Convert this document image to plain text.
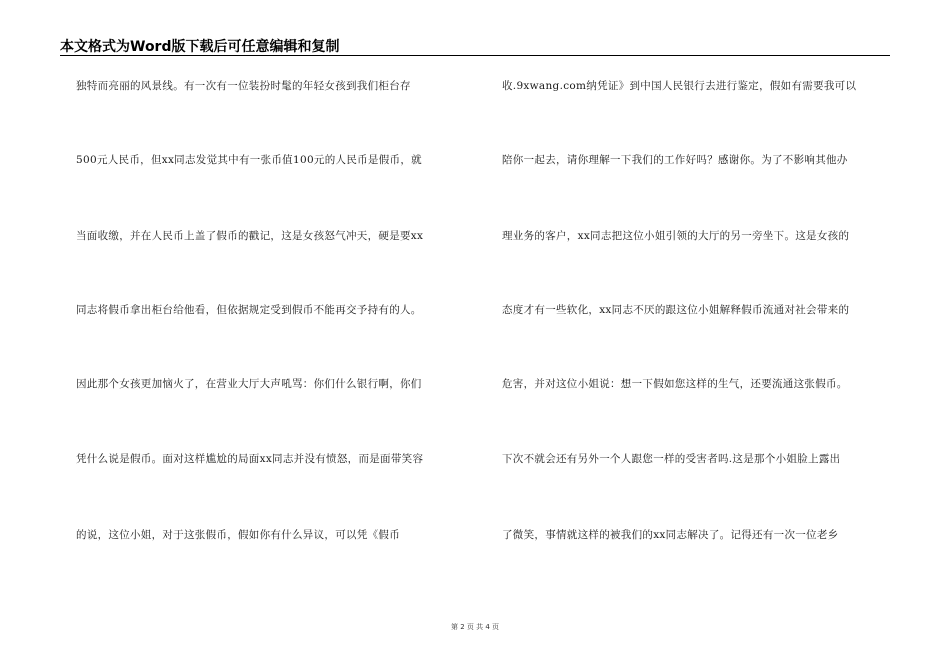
本文格式为Word版下载后可任意编辑和复制
独特而亮丽的风景线。有一次有一位装扮时髦的年轻女孩到我们柜台存
500元人民币，但xx同志发觉其中有一张币值100元的人民币是假币，就
当面收缴，并在人民币上盖了假币的戳记，这是女孩怒气冲天，硬是要xx
同志将假币拿出柜台给他看，但依据规定受到假币不能再交予持有的人。
因此那个女孩更加恼火了，在营业大厅大声吼骂：你们什么银行啊，你们
凭什么说是假币。面对这样尴尬的局面xx同志并没有愤怒，而是面带笑容
的说，这位小姐，对于这张假币，假如你有什么异议，可以凭《假币
收.9xwang.com纳凭证》到中国人民银行去进行鉴定，假如有需要我可以
陪你一起去，请你理解一下我们的工作好吗？感谢你。为了不影响其他办
理业务的客户，xx同志把这位小姐引领的大厅的另一旁坐下。这是女孩的
态度才有一些软化，xx同志不厌的跟这位小姐解释假币流通对社会带来的
危害，并对这位小姐说：想一下假如您这样的生气，还要流通这张假币。
下次不就会还有另外一个人跟您一样的受害者吗.这是那个小姐脸上露出
了微笑，事情就这样的被我们的xx同志解决了。记得还有一次一位老乡
第 2 页 共 4 页
